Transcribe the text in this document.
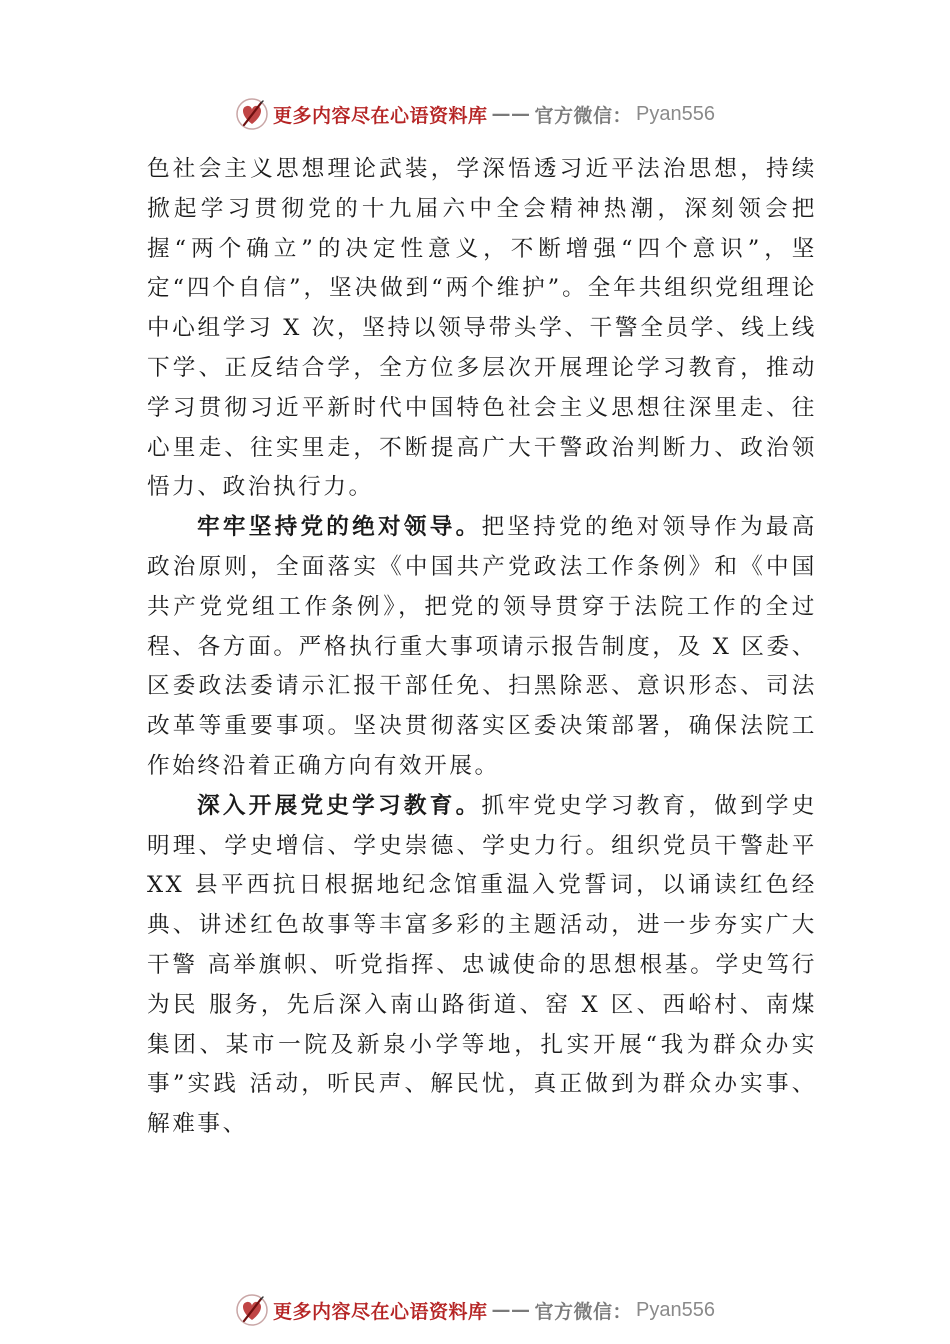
更多内容尽在心语资料库 —— 官方微信： Pyan556

色社会主义思想理论武装，学深悟透习近平法治思想，持续掀起学习贯彻党的十九届六中全会精神热潮，深刻领会把握“两个确立”的决定性意义，不断增强“四个意识”，坚定“四个自信”，坚决做到“两个维护”。全年共组织党组理论中心组学习 X 次，坚持以领导带头学、干警全员学、线上线下学、正反结合学，全方位多层次开展理论学习教育，推动学习贯彻习近平新时代中国特色社会主义思想往深里走、往心里走、往实里走，不断提高广大干警政治判断力、政治领悟力、政治执行力。

牢牢坚持党的绝对领导。把坚持党的绝对领导作为最高政治原则，全面落实《中国共产党政法工作条例》和《中国共产党党组工作条例》，把党的领导贯穿于法院工作的全过程、各方面。严格执行重大事项请示报告制度，及 X 区委、区委政法委请示汇报干部任免、扫黑除恶、意识形态、司法改革等重要事项。坚决贯彻落实区委决策部署，确保法院工作始终沿着正确方向有效开展。

深入开展党史学习教育。抓牢党史学习教育，做到学史明理、学史增信、学史崇德、学史力行。组织党员干警赴平 XX 县平西抗日根据地纪念馆重温入党誓词，以诵读红色经典、讲述红色故事等丰富多彩的主题活动，进一步夯实广大干警 高举旗帜、听党指挥、忠诚使命的思想根基。学史笃行为民 服务，先后深入南山路街道、窑 X 区、西峪村、南煤集团、某市一院及新泉小学等地，扎实开展“我为群众办实事”实践 活动，听民声、解民忧，真正做到为群众办实事、解难事、

更多内容尽在心语资料库 —— 官方微信： Pyan556
